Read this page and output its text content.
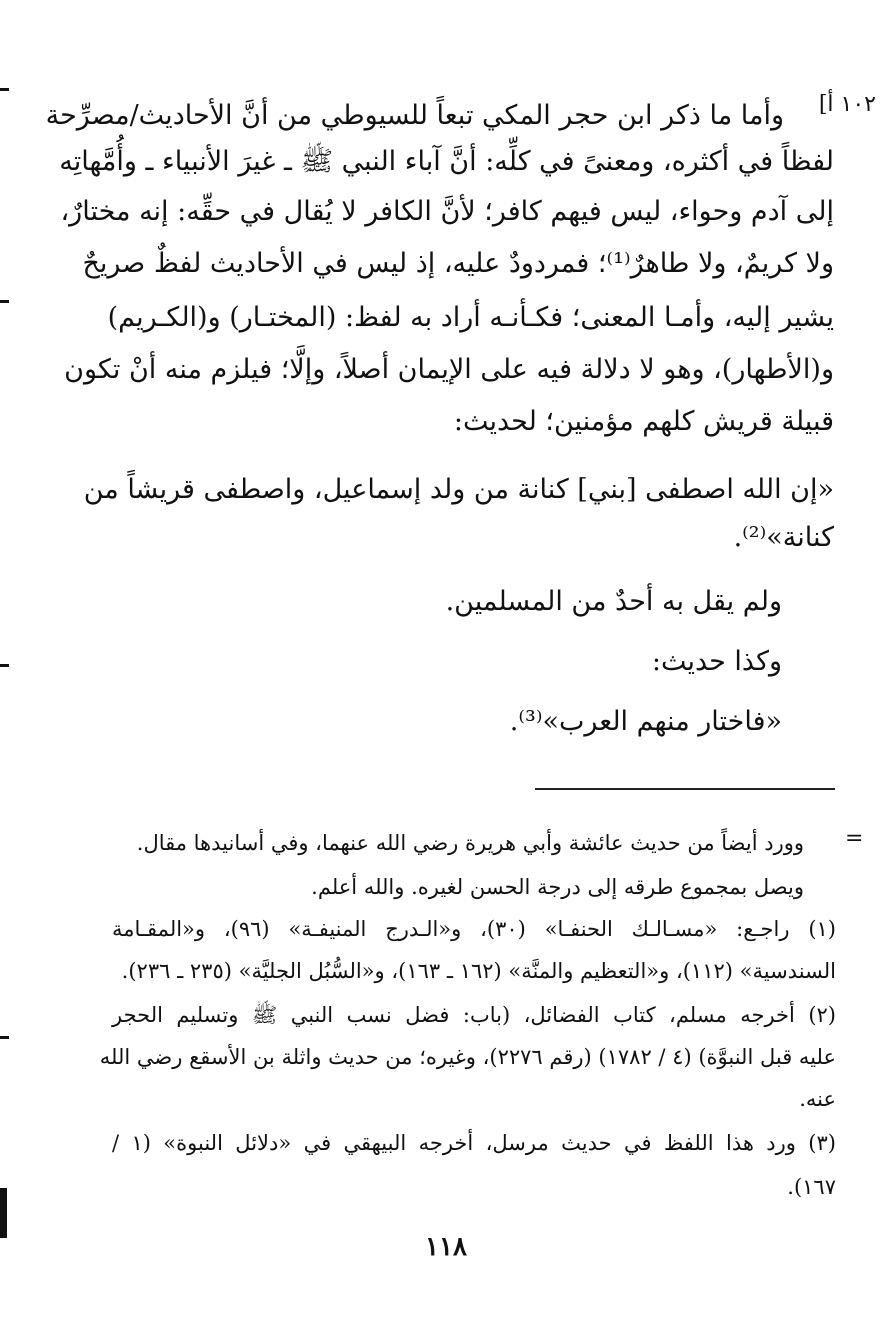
١٠٢ أ]
وأما ما ذكر ابن حجر المكي تبعاً للسيوطي من أنَّ الأحاديث/مصرِّحة
لفظاً في أكثره، ومعنىً في كلِّه: أنَّ آباء النبي ﷺ ـ غيرَ الأنبياء ـ وأُمَّهاتِه
إلى آدم وحواء، ليس فيهم كافر؛ لأنَّ الكافر لا يُقال في حقِّه: إنه مختارٌ،
ولا كريمٌ، ولا طاهرٌ⁽¹⁾؛ فمردودٌ عليه، إذ ليس في الأحاديث لفظٌ صريحٌ
يشير إليه، وأمـا المعنى؛ فكـأنـه أراد به لفظ: (المختـار) و(الكـريم)
و(الأطهار)، وهو لا دلالة فيه على الإيمان أصلاً، وإلَّا؛ فيلزم منه أنْ تكون
قبيلة قريش كلهم مؤمنين؛ لحديث:
«إن الله اصطفى [بني] كنانة من ولد إسماعيل، واصطفى قريشاً من
كنانة»⁽²⁾.
ولم يقل به أحدٌ من المسلمين.
وكذا حديث:
«فاختار منهم العرب»⁽³⁾.
=
وورد أيضاً من حديث عائشة وأبي هريرة رضي الله عنهما، وفي أسانيدها مقال.
ويصل بمجموع طرقه إلى درجة الحسن لغيره. والله أعلم.
(١) راجـع: «مسـالـك الحنفـا» (٣٠)، و«الـدرج المنيفـة» (٩٦)، و«المقـامة
السندسية» (١١٢)، و«التعظيم والمنَّة» (١٦٢ ـ ١٦٣)، و«السُّبُل الجليَّة» (٢٣٥ ـ ٢٣٦).
(٢) أخرجه مسلم، كتاب الفضائل، (باب: فضل نسب النبي ﷺ وتسليم الحجر
عليه قبل النبوَّة) (٤ / ١٧٨٢) (رقم ٢٢٧٦)، وغيره؛ من حديث واثلة بن الأسقع رضي الله
عنه.
(٣) ورد هذا اللفظ في حديث مرسل، أخرجه البيهقي في «دلائل النبوة» (١ /
١٦٧).
١١٨
